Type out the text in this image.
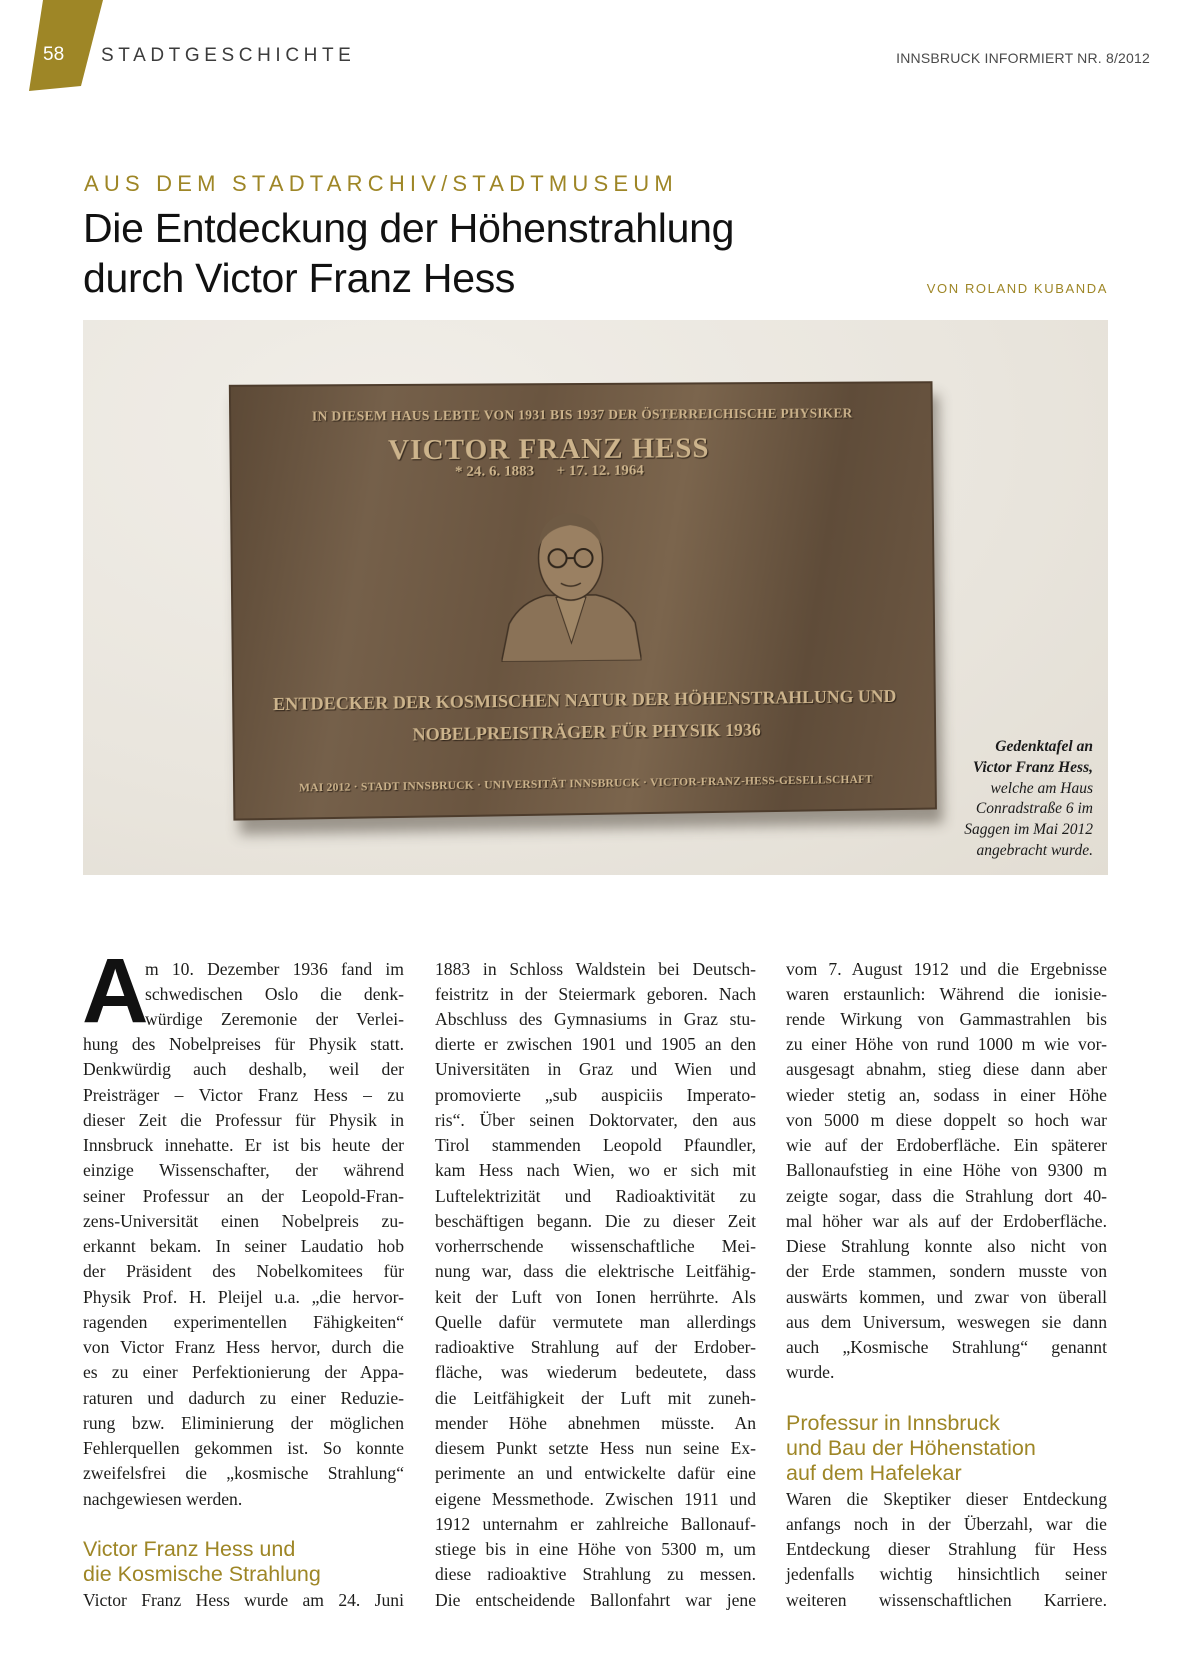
58 STADTGESCHICHTE	INNSBRUCK INFORMIERT NR. 8/2012
AUS DEM STADTARCHIV/STADTMUSEUM
Die Entdeckung der Höhenstrahlung
durch Victor Franz Hess	VON ROLAND KUBANDA
IN DIESEM HAUS LEBTE VON 1931 BIS 1937 DER ÖSTERREICHISCHE PHYSIKER
VICTOR FRANZ HESS
* 24. 6. 1883      + 17. 12. 1964
ENTDECKER DER KOSMISCHEN NATUR DER HÖHENSTRAHLUNG UND
NOBELPREISTRÄGER FÜR PHYSIK 1936
MAI 2012 · STADT INNSBRUCK · UNIVERSITÄT INNSBRUCK · VICTOR-FRANZ-HESS-GESELLSCHAFT
Gedenktafel an
Victor Franz Hess,
welche am Haus
Conradstraße 6 im
Saggen im Mai 2012
angebracht wurde.
A
m 10. Dezember 1936 fand im
schwedischen Oslo die denk-
würdige Zeremonie der Verlei-
hung des Nobelpreises für Physik statt.
Denkwürdig auch deshalb, weil der
Preisträger – Victor Franz Hess – zu
dieser Zeit die Professur für Physik in
Innsbruck innehatte. Er ist bis heute der
einzige Wissenschafter, der während
seiner Professur an der Leopold-Fran-
zens-Universität einen Nobelpreis zu-
erkannt bekam. In seiner Laudatio hob
der Präsident des Nobelkomitees für
Physik Prof. H. Pleijel u.a. „die hervor-
ragenden experimentellen Fähigkeiten“
von Victor Franz Hess hervor, durch die
es zu einer Perfektionierung der Appa-
raturen und dadurch zu einer Reduzie-
rung bzw. Eliminierung der möglichen
Fehlerquellen gekommen ist. So konnte
zweifelsfrei die „kosmische Strahlung“
nachgewiesen werden.
Victor Franz Hess und
die Kosmische Strahlung
Victor Franz Hess wurde am 24. Juni
1883 in Schloss Waldstein bei Deutsch-
feistritz in der Steiermark geboren. Nach
Abschluss des Gymnasiums in Graz stu-
dierte er zwischen 1901 und 1905 an den
Universitäten in Graz und Wien und
promovierte „sub auspiciis Imperato-
ris“. Über seinen Doktorvater, den aus
Tirol stammenden Leopold Pfaundler,
kam Hess nach Wien, wo er sich mit
Luftelektrizität und Radioaktivität zu
beschäftigen begann. Die zu dieser Zeit
vorherrschende wissenschaftliche Mei-
nung war, dass die elektrische Leitfähig-
keit der Luft von Ionen herrührte. Als
Quelle dafür vermutete man allerdings
radioaktive Strahlung auf der Erdober-
fläche, was wiederum bedeutete, dass
die Leitfähigkeit der Luft mit zuneh-
mender Höhe abnehmen müsste. An
diesem Punkt setzte Hess nun seine Ex-
perimente an und entwickelte dafür eine
eigene Messmethode. Zwischen 1911 und
1912 unternahm er zahlreiche Ballonauf-
stiege bis in eine Höhe von 5300 m, um
diese radioaktive Strahlung zu messen.
Die entscheidende Ballonfahrt war jene
vom 7. August 1912 und die Ergebnisse
waren erstaunlich: Während die ionisie-
rende Wirkung von Gammastrahlen bis
zu einer Höhe von rund 1000 m wie vor-
ausgesagt abnahm, stieg diese dann aber
wieder stetig an, sodass in einer Höhe
von 5000 m diese doppelt so hoch war
wie auf der Erdoberfläche. Ein späterer
Ballonaufstieg in eine Höhe von 9300 m
zeigte sogar, dass die Strahlung dort 40-
mal höher war als auf der Erdoberfläche.
Diese Strahlung konnte also nicht von
der Erde stammen, sondern musste von
auswärts kommen, und zwar von überall
aus dem Universum, weswegen sie dann
auch „Kosmische Strahlung“ genannt
wurde.
Professur in Innsbruck
und Bau der Höhenstation
auf dem Hafelekar
Waren die Skeptiker dieser Entdeckung
anfangs noch in der Überzahl, war die
Entdeckung dieser Strahlung für Hess
jedenfalls wichtig hinsichtlich seiner
weiteren wissenschaftlichen Karriere.
